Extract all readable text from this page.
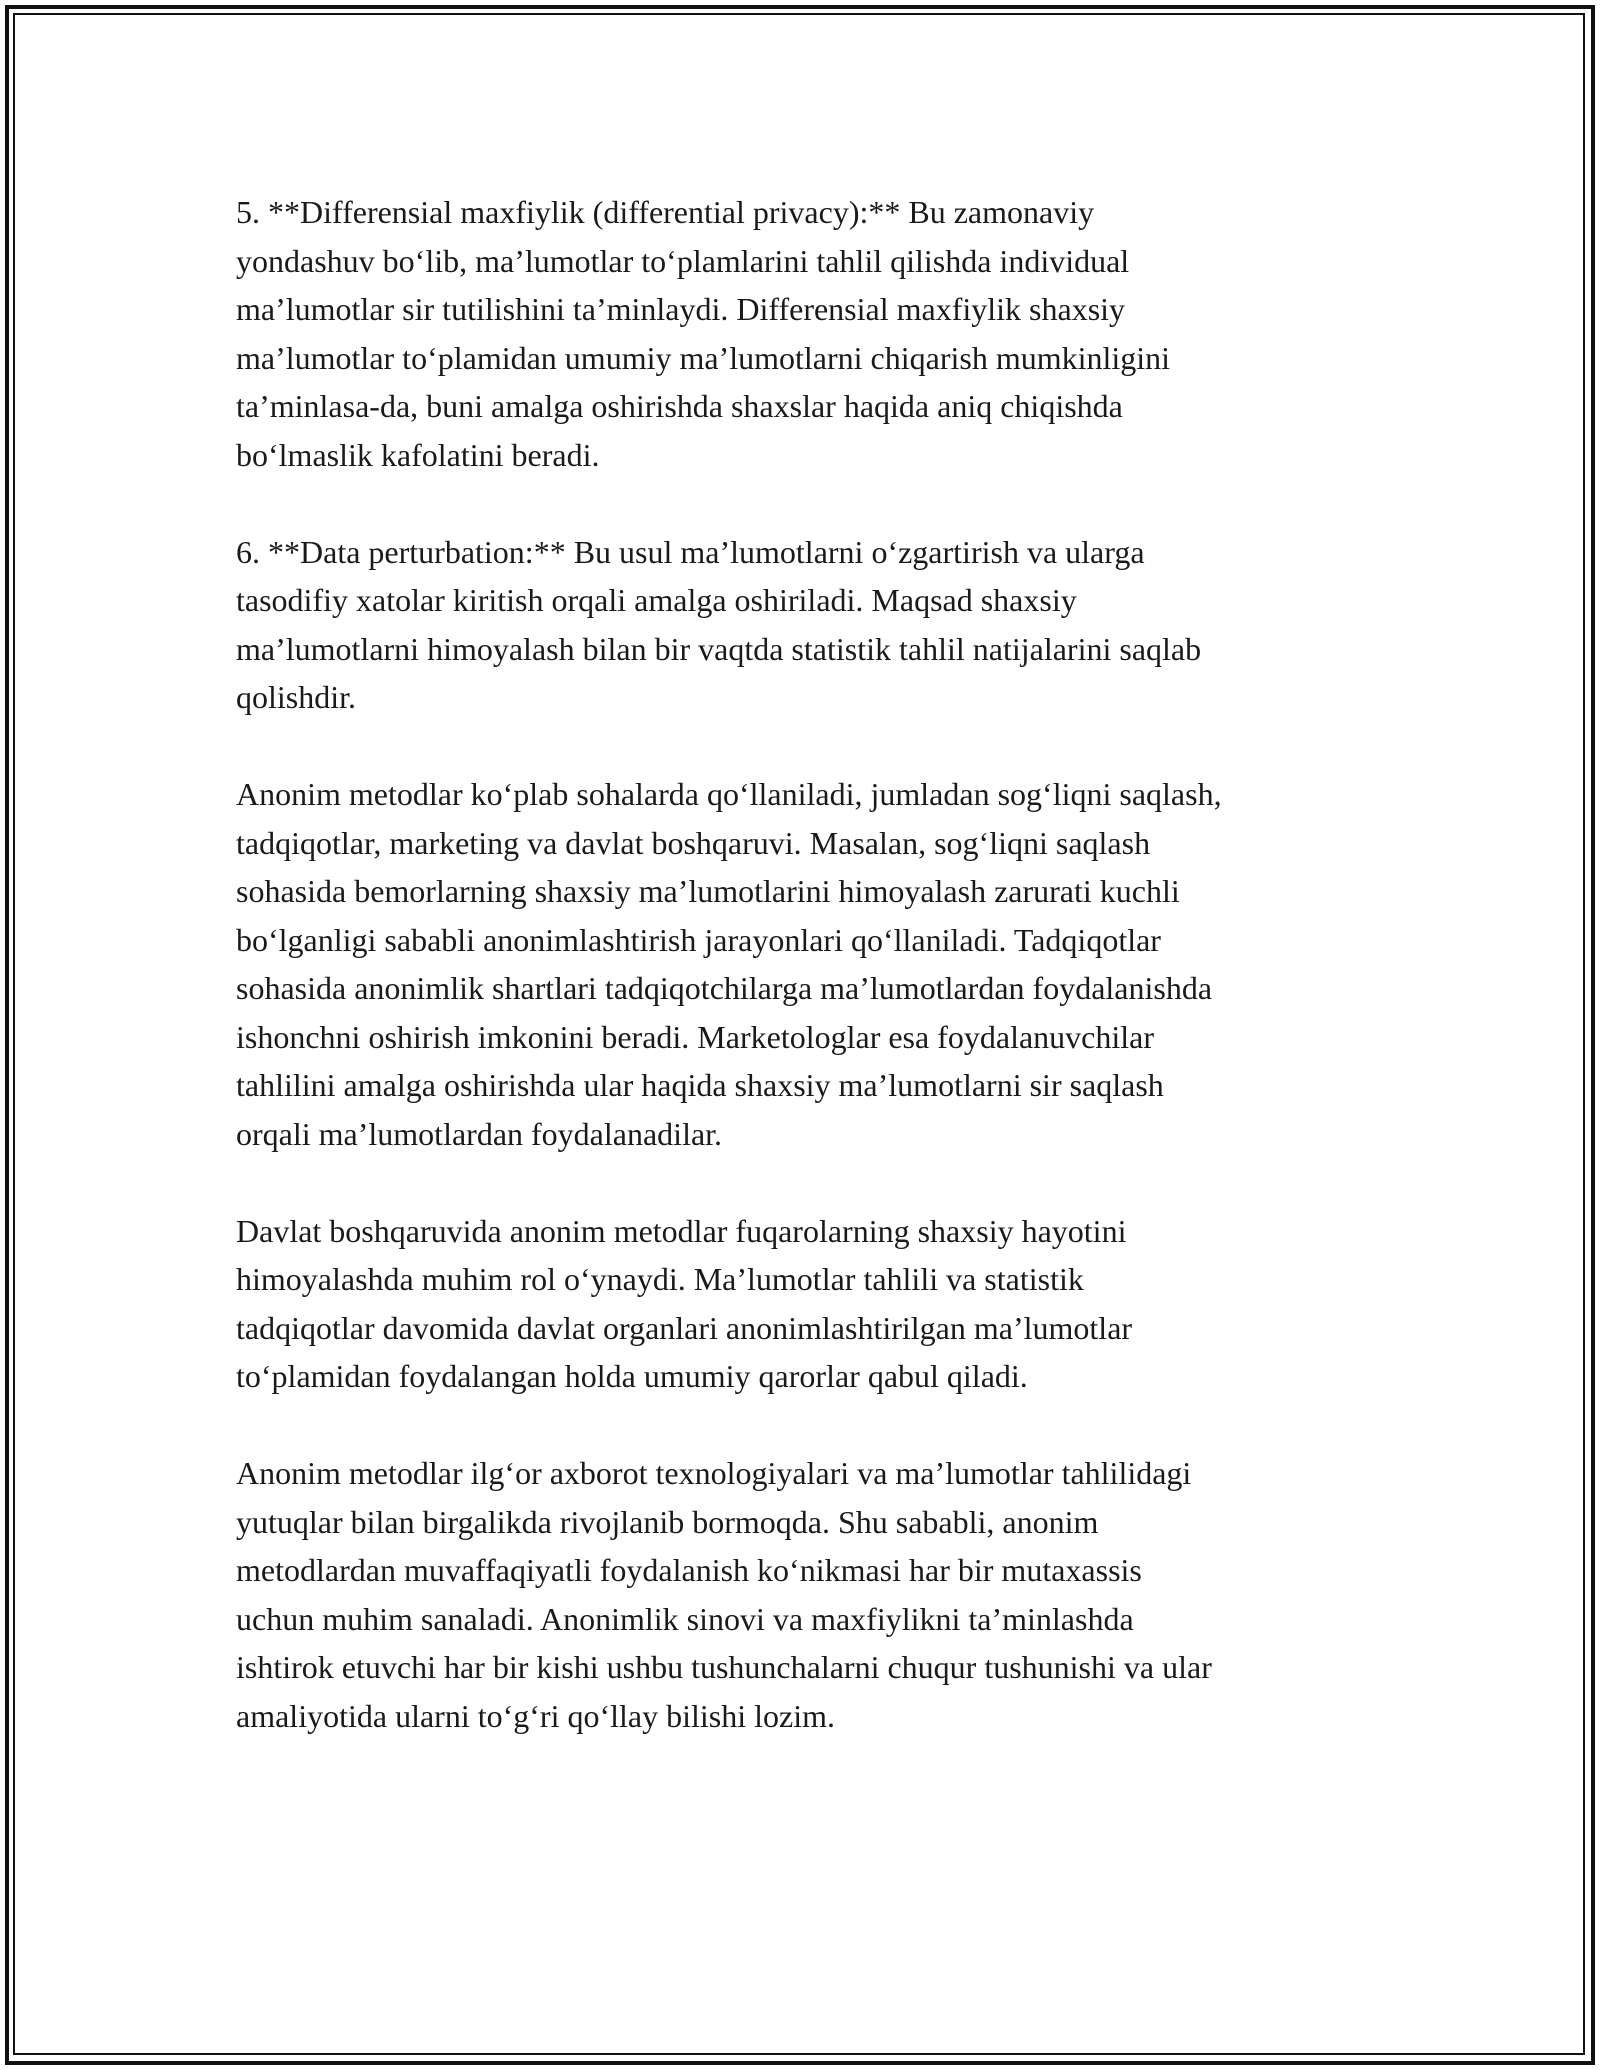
5. **Differensial maxfiylik (differential privacy):** Bu zamonaviy
yondashuv bo‘lib, ma’lumotlar to‘plamlarini tahlil qilishda individual
ma’lumotlar sir tutilishini ta’minlaydi. Differensial maxfiylik shaxsiy
ma’lumotlar to‘plamidan umumiy ma’lumotlarni chiqarish mumkinligini
ta’minlasa-da, buni amalga oshirishda shaxslar haqida aniq chiqishda
bo‘lmaslik kafolatini beradi.

6. **Data perturbation:** Bu usul ma’lumotlarni o‘zgartirish va ularga
tasodifiy xatolar kiritish orqali amalga oshiriladi. Maqsad shaxsiy
ma’lumotlarni himoyalash bilan bir vaqtda statistik tahlil natijalarini saqlab
qolishdir.

Anonim metodlar ko‘plab sohalarda qo‘llaniladi, jumladan sog‘liqni saqlash,
tadqiqotlar, marketing va davlat boshqaruvi. Masalan, sog‘liqni saqlash
sohasida bemorlarning shaxsiy ma’lumotlarini himoyalash zarurati kuchli
bo‘lganligi sababli anonimlashtirish jarayonlari qo‘llaniladi. Tadqiqotlar
sohasida anonimlik shartlari tadqiqotchilarga ma’lumotlardan foydalanishda
ishonchni oshirish imkonini beradi. Marketologlar esa foydalanuvchilar
tahlilini amalga oshirishda ular haqida shaxsiy ma’lumotlarni sir saqlash
orqali ma’lumotlardan foydalanadilar.

Davlat boshqaruvida anonim metodlar fuqarolarning shaxsiy hayotini
himoyalashda muhim rol o‘ynaydi. Ma’lumotlar tahlili va statistik
tadqiqotlar davomida davlat organlari anonimlashtirilgan ma’lumotlar
to‘plamidan foydalangan holda umumiy qarorlar qabul qiladi.

Anonim metodlar ilg‘or axborot texnologiyalari va ma’lumotlar tahlilidagi
yutuqlar bilan birgalikda rivojlanib bormoqda. Shu sababli, anonim
metodlardan muvaffaqiyatli foydalanish ko‘nikmasi har bir mutaxassis
uchun muhim sanaladi. Anonimlik sinovi va maxfiylikni ta’minlashda
ishtirok etuvchi har bir kishi ushbu tushunchalarni chuqur tushunishi va ular
amaliyotida ularni to‘g‘ri qo‘llay bilishi lozim.
